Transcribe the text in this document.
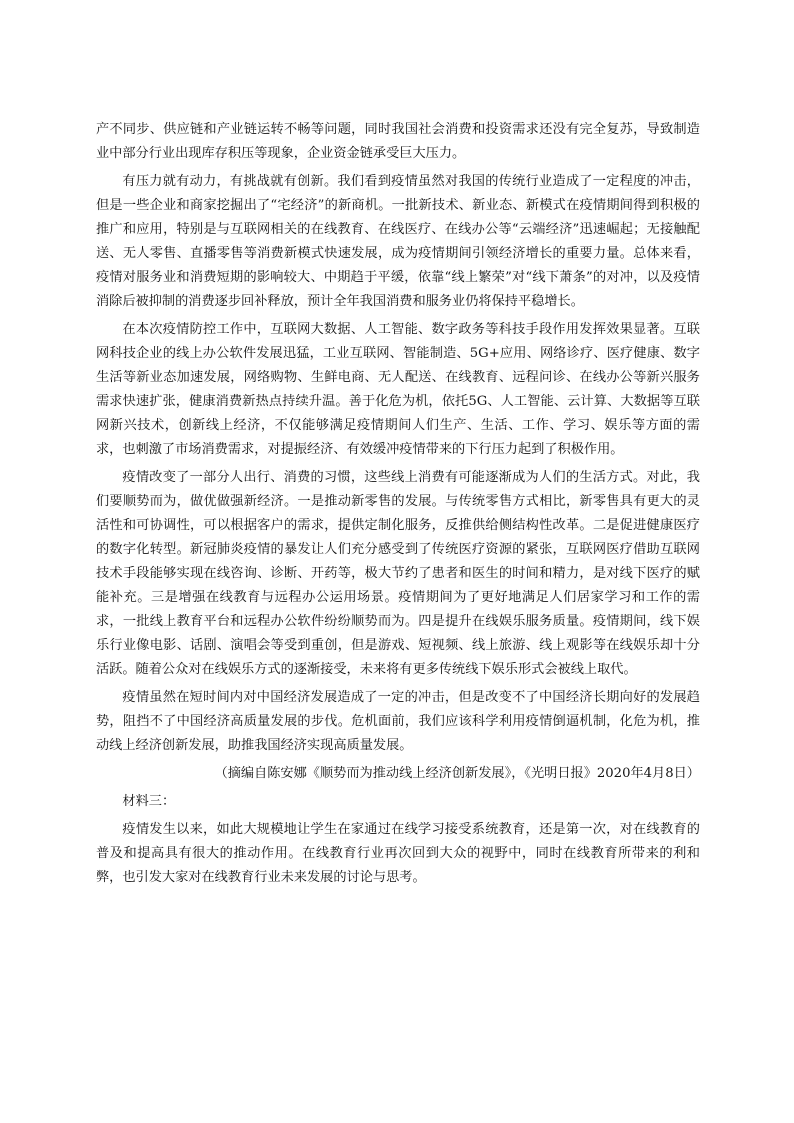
产不同步、供应链和产业链运转不畅等问题，同时我国社会消费和投资需求还没有完全复苏，导致制造业中部分行业出现库存积压等现象，企业资金链承受巨大压力。

有压力就有动力，有挑战就有创新。我们看到疫情虽然对我国的传统行业造成了一定程度的冲击，但是一些企业和商家挖掘出了“宅经济”的新商机。一批新技术、新业态、新模式在疫情期间得到积极的推广和应用，特别是与互联网相关的在线教育、在线医疗、在线办公等“云端经济”迅速崛起；无接触配送、无人零售、直播零售等消费新模式快速发展，成为疫情期间引领经济增长的重要力量。总体来看，疫情对服务业和消费短期的影响较大、中期趋于平缓，依靠“线上繁荣”对“线下萧条”的对冲，以及疫情消除后被抑制的消费逐步回补释放，预计全年我国消费和服务业仍将保持平稳增长。

在本次疫情防控工作中，互联网大数据、人工智能、数字政务等科技手段作用发挥效果显著。互联网科技企业的线上办公软件发展迅猛，工业互联网、智能制造、5G+应用、网络诊疗、医疗健康、数字生活等新业态加速发展，网络购物、生鲜电商、无人配送、在线教育、远程问诊、在线办公等新兴服务需求快速扩张，健康消费新热点持续升温。善于化危为机，依托5G、人工智能、云计算、大数据等互联网新兴技术，创新线上经济，不仅能够满足疫情期间人们生产、生活、工作、学习、娱乐等方面的需求，也刺激了市场消费需求，对提振经济、有效缓冲疫情带来的下行压力起到了积极作用。

疫情改变了一部分人出行、消费的习惯，这些线上消费有可能逐渐成为人们的生活方式。对此，我们要顺势而为，做优做强新经济。一是推动新零售的发展。与传统零售方式相比，新零售具有更大的灵活性和可协调性，可以根据客户的需求，提供定制化服务，反推供给侧结构性改革。二是促进健康医疗的数字化转型。新冠肺炎疫情的暴发让人们充分感受到了传统医疗资源的紧张，互联网医疗借助互联网技术手段能够实现在线咨询、诊断、开药等，极大节约了患者和医生的时间和精力，是对线下医疗的赋能补充。三是增强在线教育与远程办公运用场景。疫情期间为了更好地满足人们居家学习和工作的需求，一批线上教育平台和远程办公软件纷纷顺势而为。四是提升在线娱乐服务质量。疫情期间，线下娱乐行业像电影、话剧、演唱会等受到重创，但是游戏、短视频、线上旅游、线上观影等在线娱乐却十分活跃。随着公众对在线娱乐方式的逐渐接受，未来将有更多传统线下娱乐形式会被线上取代。

疫情虽然在短时间内对中国经济发展造成了一定的冲击，但是改变不了中国经济长期向好的发展趋势，阻挡不了中国经济高质量发展的步伐。危机面前，我们应该科学利用疫情倒逼机制，化危为机，推动线上经济创新发展，助推我国经济实现高质量发展。

（摘编自陈安娜《顺势而为推动线上经济创新发展》，《光明日报》2020年4月8日）

材料三：

疫情发生以来，如此大规模地让学生在家通过在线学习接受系统教育，还是第一次，对在线教育的普及和提高具有很大的推动作用。在线教育行业再次回到大众的视野中，同时在线教育所带来的利和弊，也引发大家对在线教育行业未来发展的讨论与思考。
